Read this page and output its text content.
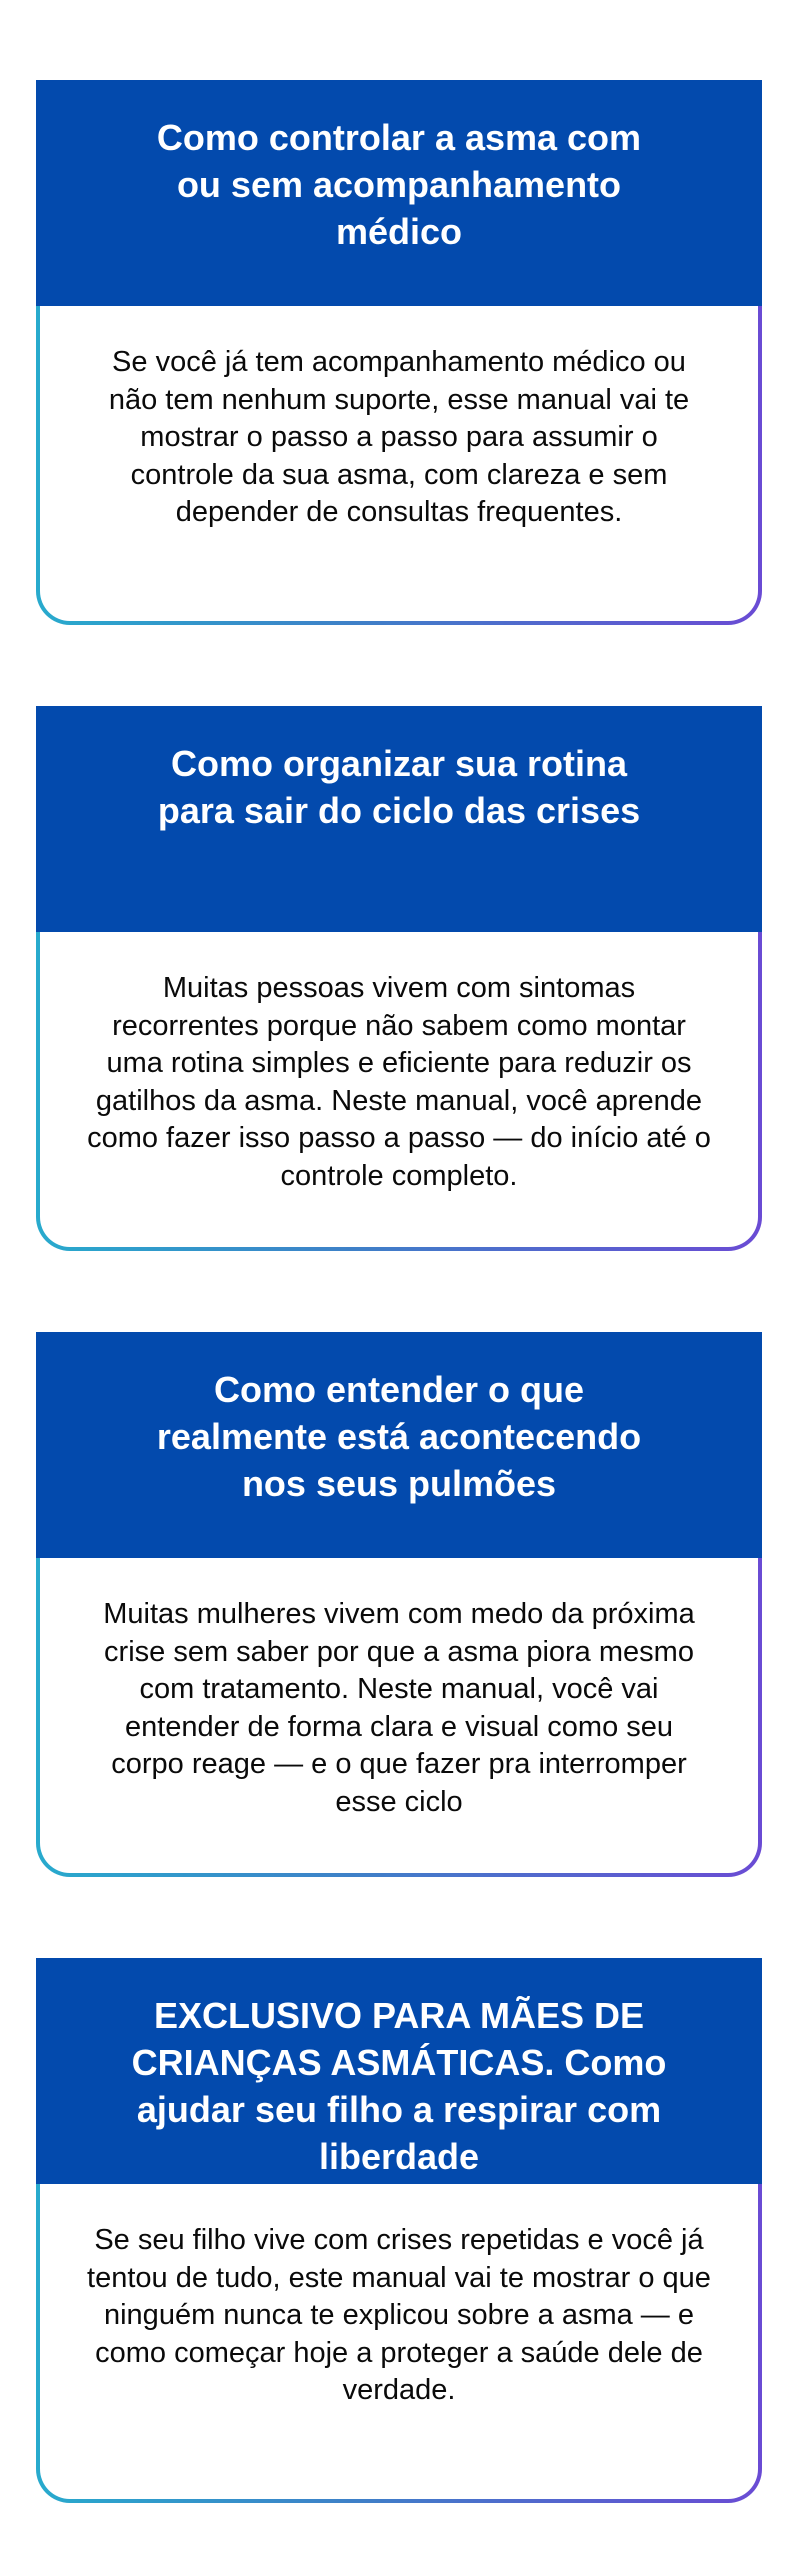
Como controlar a asma com
ou sem acompanhamento
médico

Se você já tem acompanhamento médico ou
não tem nenhum suporte, esse manual vai te
mostrar o passo a passo para assumir o
controle da sua asma, com clareza e sem
depender de consultas frequentes.

Como organizar sua rotina
para sair do ciclo das crises

Muitas pessoas vivem com sintomas
recorrentes porque não sabem como montar
uma rotina simples e eficiente para reduzir os
gatilhos da asma. Neste manual, você aprende
como fazer isso passo a passo — do início até o
controle completo.

Como entender o que
realmente está acontecendo
nos seus pulmões

Muitas mulheres vivem com medo da próxima
crise sem saber por que a asma piora mesmo
com tratamento. Neste manual, você vai
entender de forma clara e visual como seu
corpo reage — e o que fazer pra interromper
esse ciclo

EXCLUSIVO PARA MÃES DE
CRIANÇAS ASMÁTICAS. Como
ajudar seu filho a respirar com
liberdade

Se seu filho vive com crises repetidas e você já
tentou de tudo, este manual vai te mostrar o que
ninguém nunca te explicou sobre a asma — e
como começar hoje a proteger a saúde dele de
verdade.
